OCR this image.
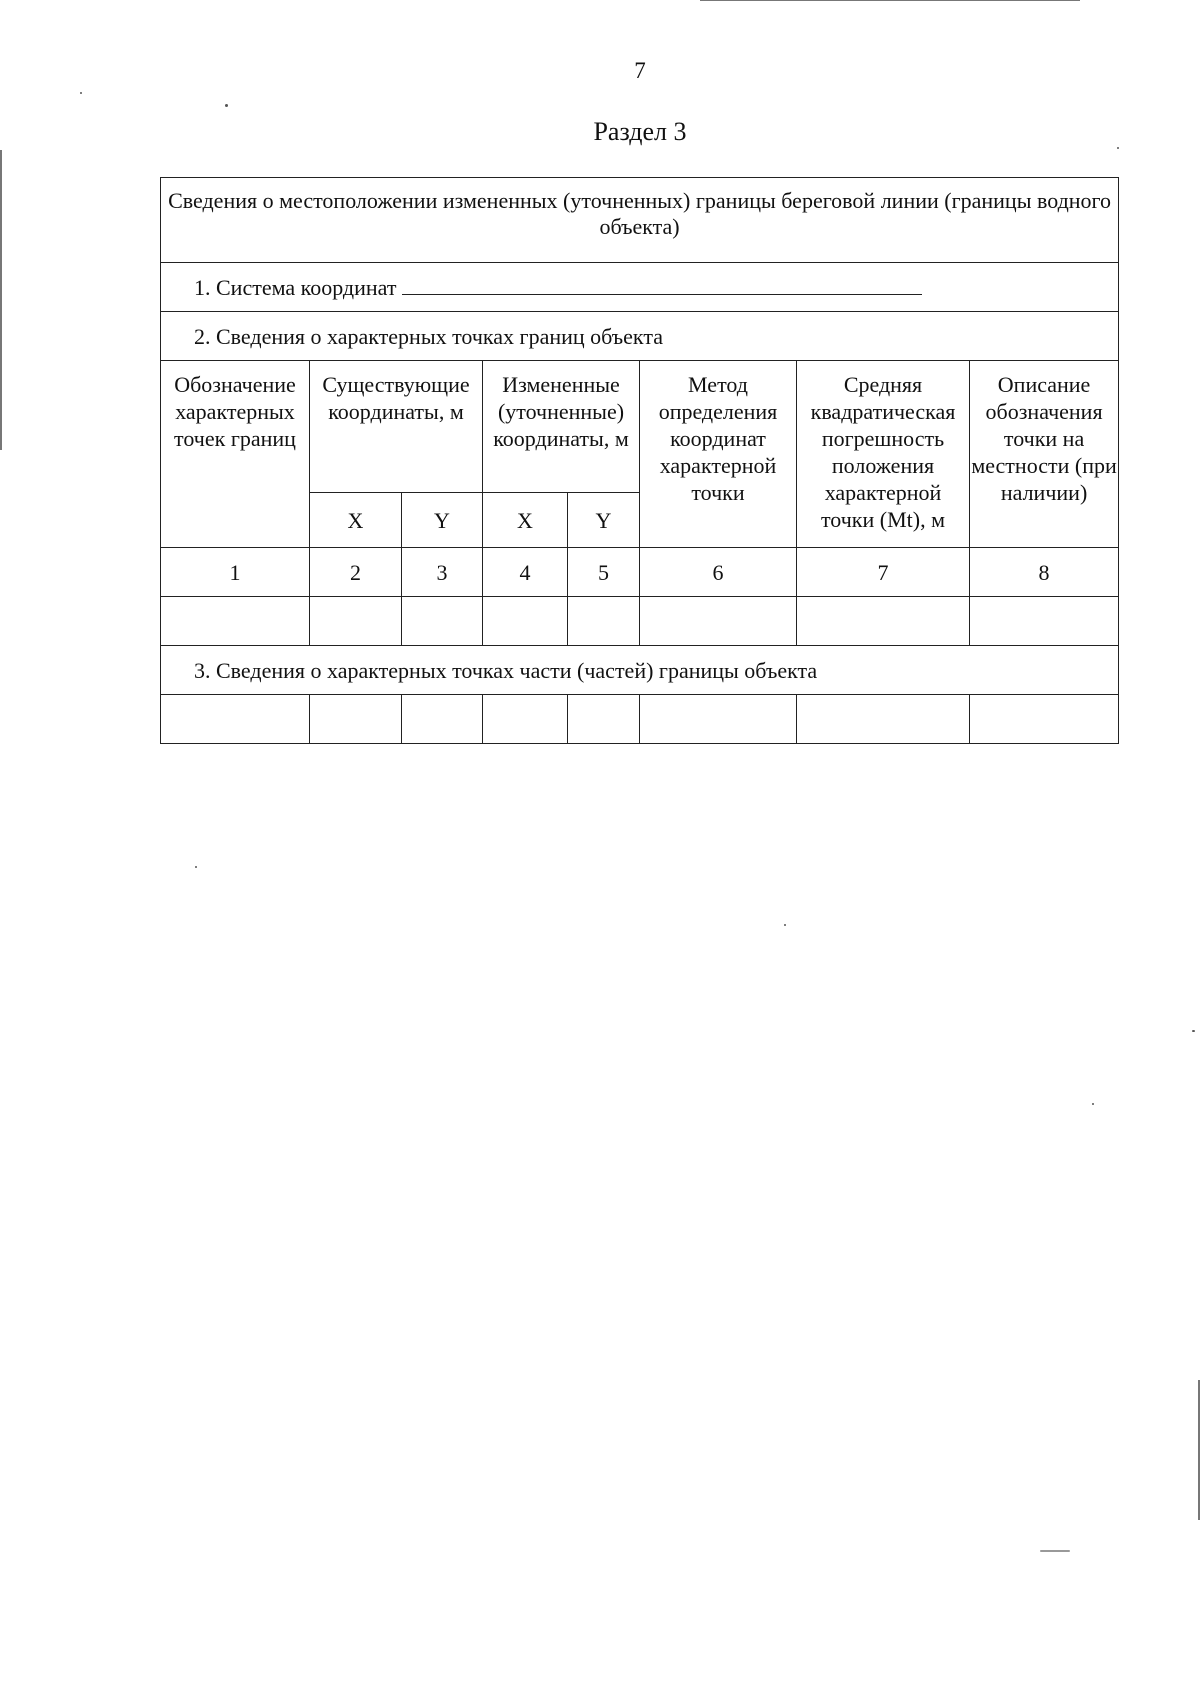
7
Раздел 3
Сведения о местоположении измененных (уточненных) границы береговой линии (границы водного объекта)							
1. Система координат							
2. Сведения о характерных точках границ объекта							
Обозначение характерных точек границ	Существующие координаты, м		Измененные (уточненные) координаты, м		Метод определения координат характерной точки	Средняя квадратическая погрешность положения характерной точки (Mt), м	Описание обозначения точки на местности (при наличии)
	X	Y	X	Y			
1	2	3	4	5	6	7	8

3. Сведения о характерных точках части (частей) границы объекта							
